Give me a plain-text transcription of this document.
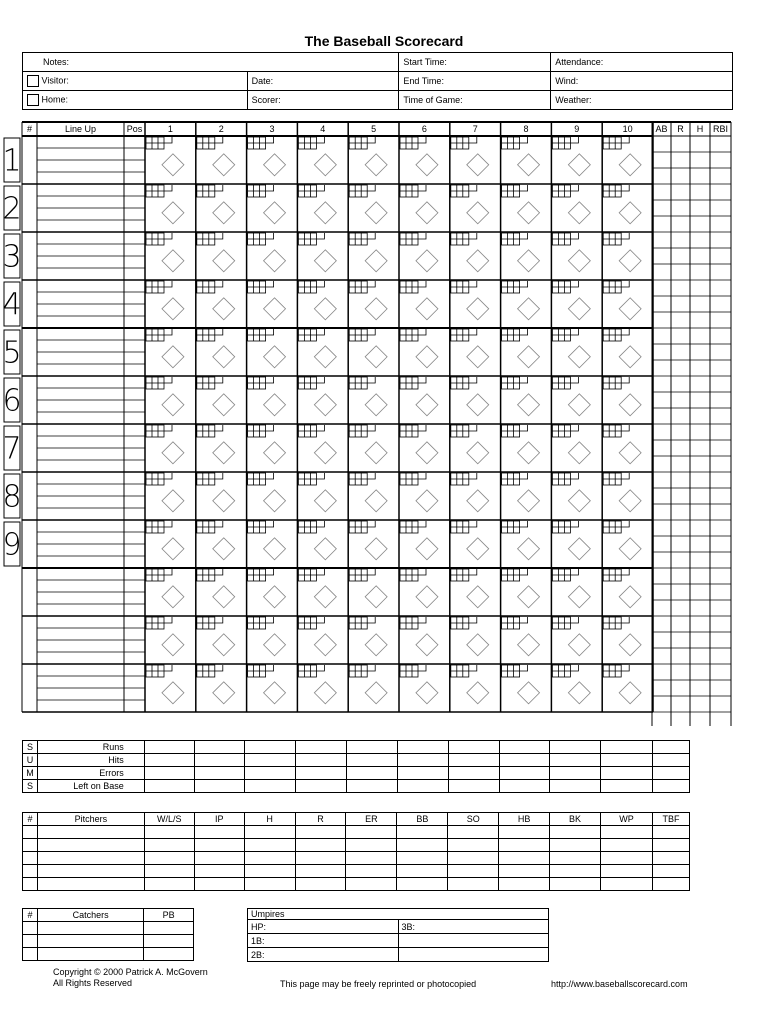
The Baseball Scorecard
Notes:		Start Time:	Attendance:
Visitor:	Date:	End Time:	Wind:
Home:	Scorer:	Time of Game:	Weather:
#	Line Up	Pos	1	2	3	4	5	6	7	8	9	10	AB R H RBI
1
2
3
4
5
6
7
8
9
S	Runs											
U	Hits											
M	Errors											
S	Left on Base											
#	Pitchers	W/L/S	IP	H	R	ER	BB	SO	HB	BK	WP	TBF

#	Catchers	PB

			Umpires	
HP:	3B:
1B:	
2B:	
Copyright © 2000 Patrick A. McGovern
All Rights Reserved	This page may be freely reprinted or photocopied	http://www.baseballscorecard.com
